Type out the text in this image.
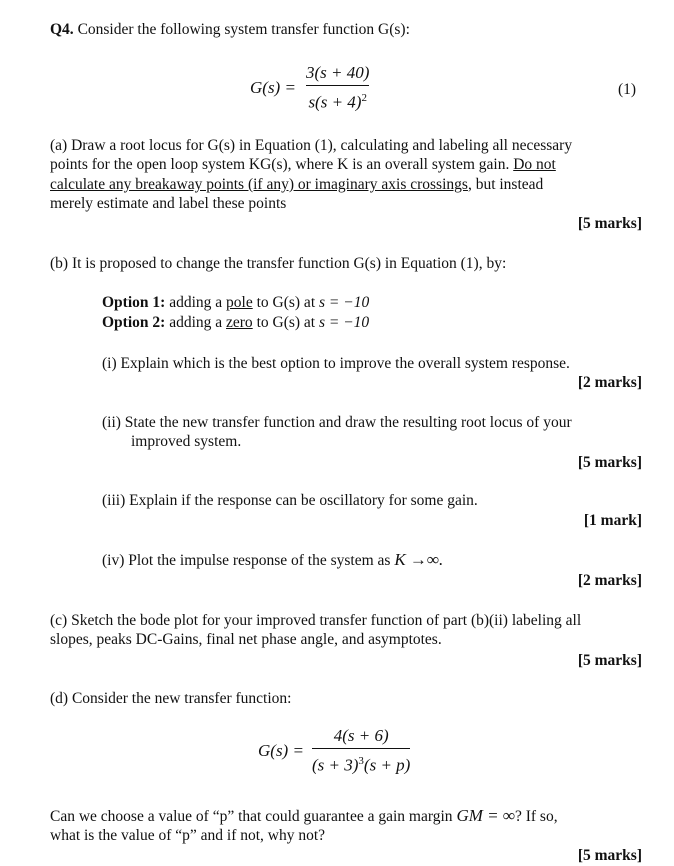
Q4. Consider the following system transfer function G(s):
G(s) =
3(s + 40)
$s(s + 4)^2$	(1)
(a) Draw a root locus for G(s) in Equation (1), calculating and labeling all necessary
points for the open loop system KG(s), where K is an overall system gain. Do not
calculate any breakaway points (if any) or imaginary axis crossings, but instead
merely estimate and label these points
[5 marks]
(b) It is proposed to change the transfer function G(s) in Equation (1), by:
Option 1: adding a pole to G(s) at s = −10
Option 2: adding a zero to G(s) at s = −10
(i) Explain which is the best option to improve the overall system response.
[2 marks]
(ii) State the new transfer function and draw the resulting root locus of your
improved system.
[5 marks]
(iii) Explain if the response can be oscillatory for some gain.
[1 mark]
(iv) Plot the impulse response of the system as K →∞.
[2 marks]
(c) Sketch the bode plot for your improved transfer function of part (b)(ii) labeling all
slopes, peaks DC-Gains, final net phase angle, and asymptotes.
[5 marks]
(d) Consider the new transfer function:
G(s) =
4(s + 6)
$(s + 3)^3(s + p)$
Can we choose a value of “p” that could guarantee a gain margin GM = ∞? If so,
what is the value of “p” and if not, why not?
[5 marks]
